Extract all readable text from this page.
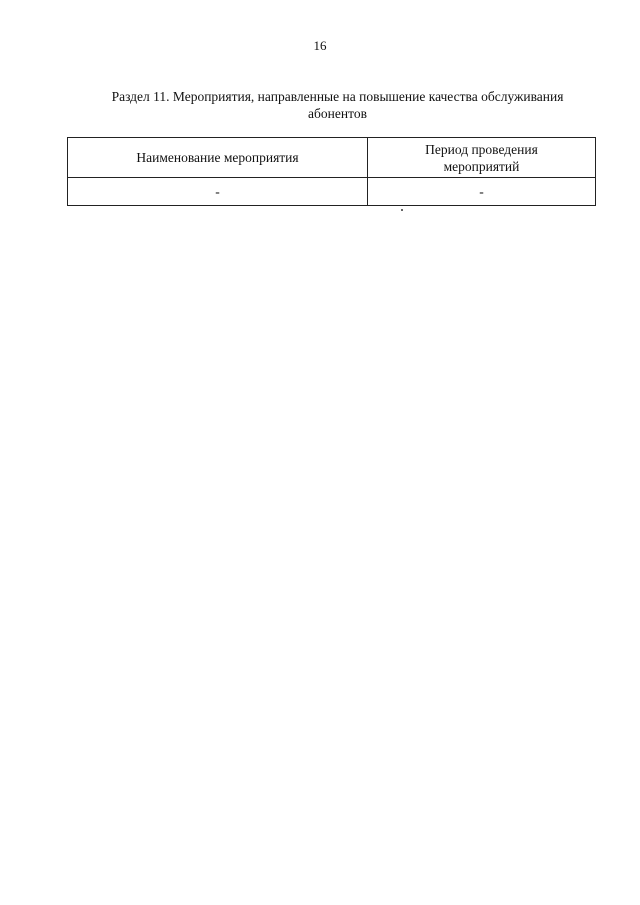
16
Раздел 11. Мероприятия, направленные на повышение качества обслуживания
абонентов
Наименование мероприятия	Период проведения
мероприятий

-	-
